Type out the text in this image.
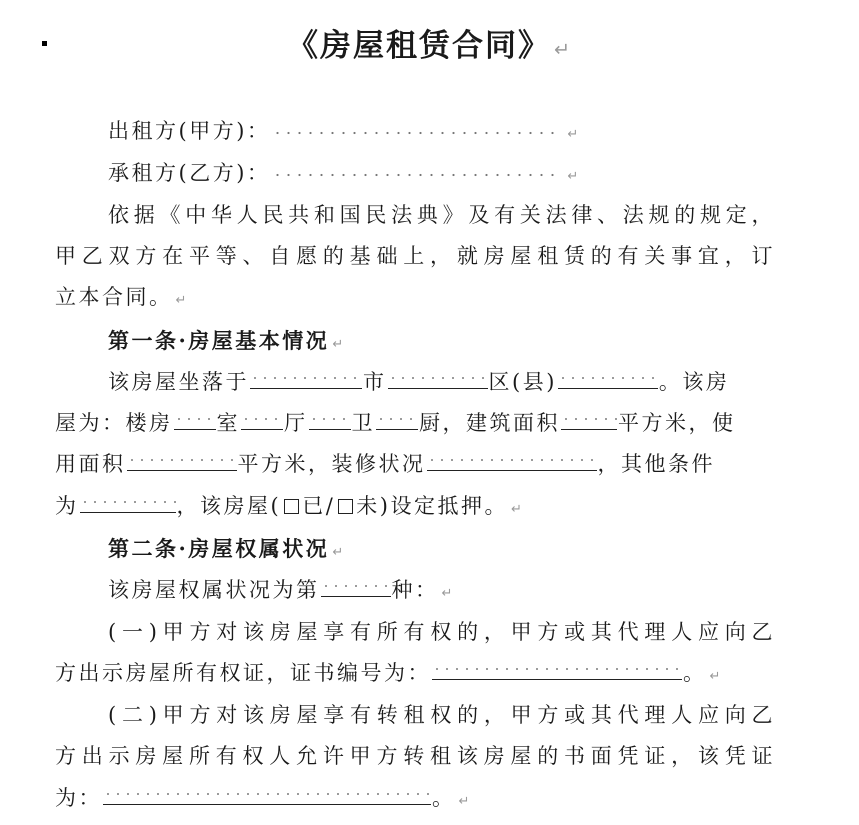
《房屋租赁合同》 ↵
出租方(甲方)：	↵
承租方(乙方)：	↵
依据《中华人民共和国民法典》及有关法律、法规的规定，
甲乙双方在平等、自愿的基础上，就房屋租赁的有关事宜，订
立本合同。 ↵
第一条·房屋基本情况 ↵
该房屋坐落于	市	区(县)	。该房
屋为：楼房 室 厅 卫 厨，建筑面积	平方米，使
用面积	平方米，装修状况	，其他条件
为	，该房屋( 已/ 未)设定抵押。 ↵
第二条·房屋权属状况 ↵
该房屋权属状况为第	种： ↵
(一)甲方对该房屋享有所有权的，甲方或其代理人应向乙
方出示房屋所有权证，证书编号为：	。 ↵
(二)甲方对该房屋享有转租权的，甲方或其代理人应向乙
方出示房屋所有权人允许甲方转租该房屋的书面凭证，该凭证
为：	。 ↵
